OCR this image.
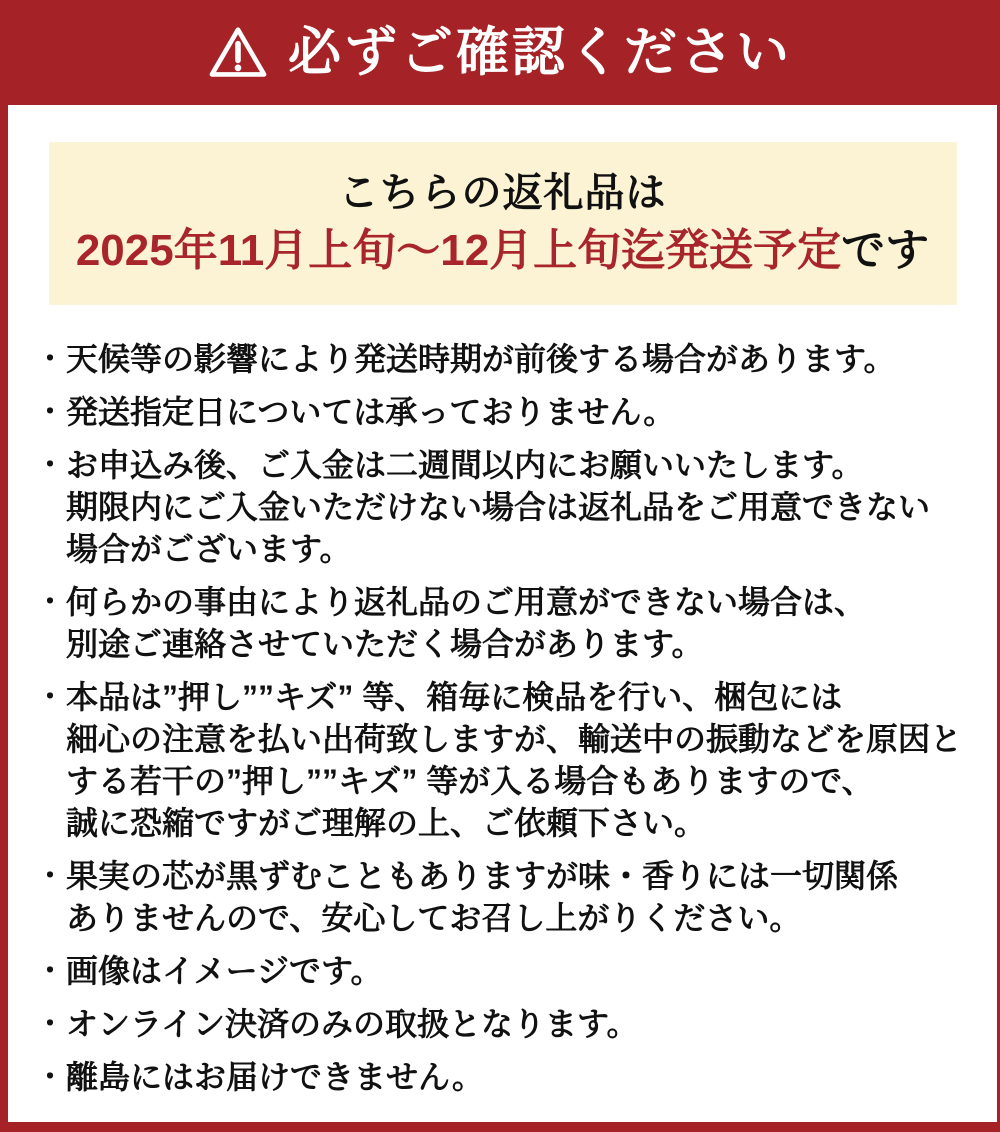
必ずご確認ください
こちらの返礼品は
2025年11月上旬～12月上旬迄発送予定です
・ 天候等の影響により発送時期が前後する場合があります。
・ 発送指定日については承っておりません。
・ お申込み後、ご入金は二週間以内にお願いいたします。
期限内にご入金いただけない場合は返礼品をご用意できない
場合がございます。
・ 何らかの事由により返礼品のご用意ができない場合は、
別途ご連絡させていただく場合があります。
・ 本品は”押し””キズ” 等、箱毎に検品を行い、梱包には
細心の注意を払い出荷致しますが、輸送中の振動などを原因と
する若干の”押し””キズ” 等が入る場合もありますので、
誠に恐縮ですがご理解の上、ご依頼下さい。
・ 果実の芯が黒ずむこともありますが味・香りには一切関係
ありませんので、安心してお召し上がりください。
・ 画像はイメージです。
・ オンライン決済のみの取扱となります。
・ 離島にはお届けできません。
